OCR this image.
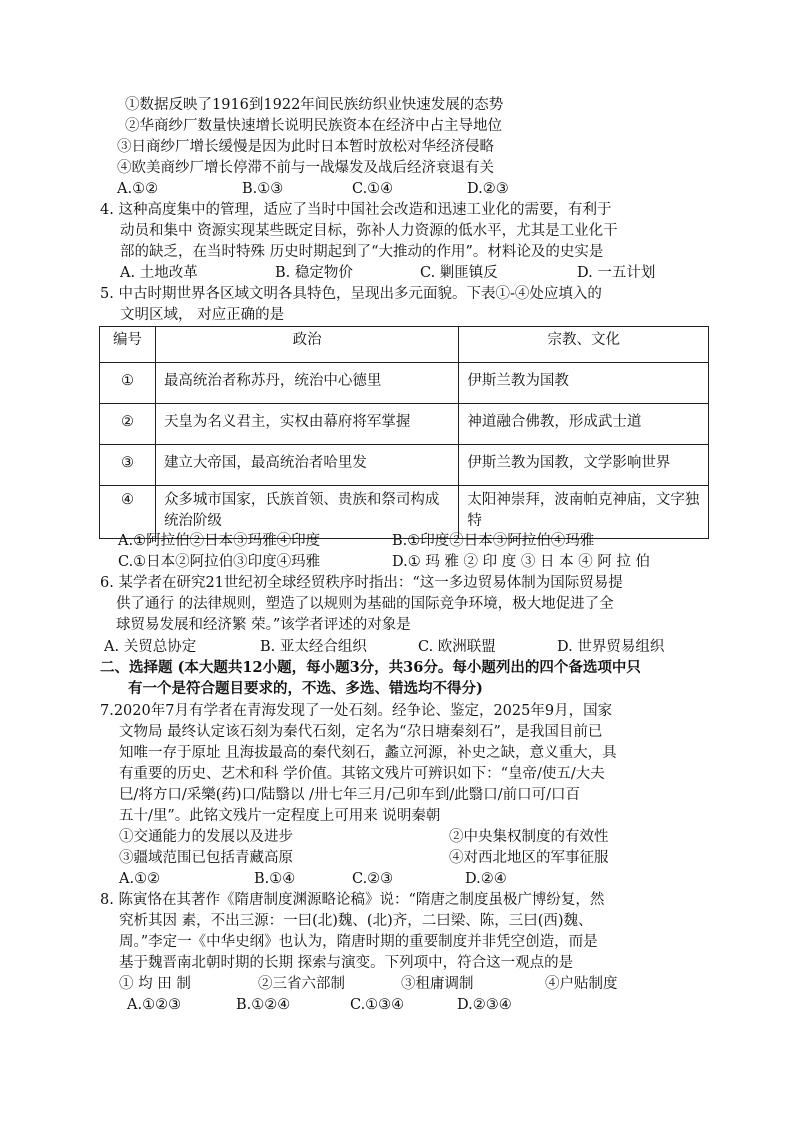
①数据反映了1916到1922年间民族纺织业快速发展的态势
②华商纱厂数量快速增长说明民族资本在经济中占主导地位
③日商纱厂增长缓慢是因为此时日本暂时放松对华经济侵略
④欧美商纱厂增长停滞不前与一战爆发及战后经济衰退有关
A.①②	B.①③	C.①④	D.②③
4. 这种高度集中的管理，适应了当时中国社会改造和迅速工业化的需要，有利于
动员和集中 资源实现某些既定目标，弥补人力资源的低水平，尤其是工业化干
部的缺乏，在当时特殊 历史时期起到了“大推动的作用”。材料论及的史实是
A. 土地改革	B. 稳定物价	C. 剿匪镇反	D. 一五计划
5. 中古时期世界各区域文明各具特色，呈现出多元面貌。下表①-④处应填入的
文明区域， 对应正确的是
编号	政治	宗教、文化
①	最高统治者称苏丹，统治中心德里	伊斯兰教为国教
②	天皇为名义君主，实权由幕府将军掌握	神道融合佛教，形成武士道
③	建立大帝国，最高统治者哈里发	伊斯兰教为国教，文学影响世界
④	众多城市国家，氏族首领、贵族和祭司构成统治阶级	太阳神崇拜，波南帕克神庙，文字独特
A.①阿拉伯②日本③玛雅④印度	B.①印度②日本③阿拉伯④玛雅
C.①日本②阿拉伯③印度④玛雅	D.① 玛 雅 ② 印 度 ③ 日 本 ④ 阿 拉 伯
6. 某学者在研究21世纪初全球经贸秩序时指出：“这一多边贸易体制为国际贸易提
供了通行 的法律规则，塑造了以规则为基础的国际竞争环境，极大地促进了全
球贸易发展和经济繁 荣。”该学者评述的对象是
A. 关贸总协定	B. 亚太经合组织	C. 欧洲联盟	D. 世界贸易组织
二、选择题 (本大题共12小题，每小题3分，共36分。每小题列出的四个备选项中只
有一个是符合题目要求的，不选、多选、错选均不得分)
7.2020年7月有学者在青海发现了一处石刻。经争论、鉴定，2025年9月，国家
文物局 最终认定该石刻为秦代石刻，定名为“尕日塘秦刻石”，是我国目前已
知唯一存于原址 且海拔最高的秦代刻石，蠡立河源，补史之缺，意义重大，具
有重要的历史、艺术和科 学价值。其铭文残片可辨识如下：“皇帝/使五/大夫
巳/将方口/采樂(药)口/陆翳以 /卅七年三月/己卯车到/此翳口/前口可/口百
五十/里”。此铭文残片一定程度上可用来 说明秦朝
①交通能力的发展以及进步	②中央集权制度的有效性
③疆域范围已包括青藏高原	④对西北地区的军事征服
A.①②	B.①④	C.②③	D.②④
8. 陈寅恪在其著作《隋唐制度渊源略论稿》说：“隋唐之制度虽极广博纷复，然
究析其因 素，不出三源：一曰(北)魏、(北)齐，二曰梁、陈，三曰(西)魏、
周。”李定一《中华史纲》也认为，隋唐时期的重要制度并非凭空创造，而是
基于魏晋南北朝时期的长期 探索与演变。下列项中，符合这一观点的是
① 均 田 制	②三省六部制	③租庸调制	④户贴制度
A.①②③	B.①②④	C.①③④	D.②③④
